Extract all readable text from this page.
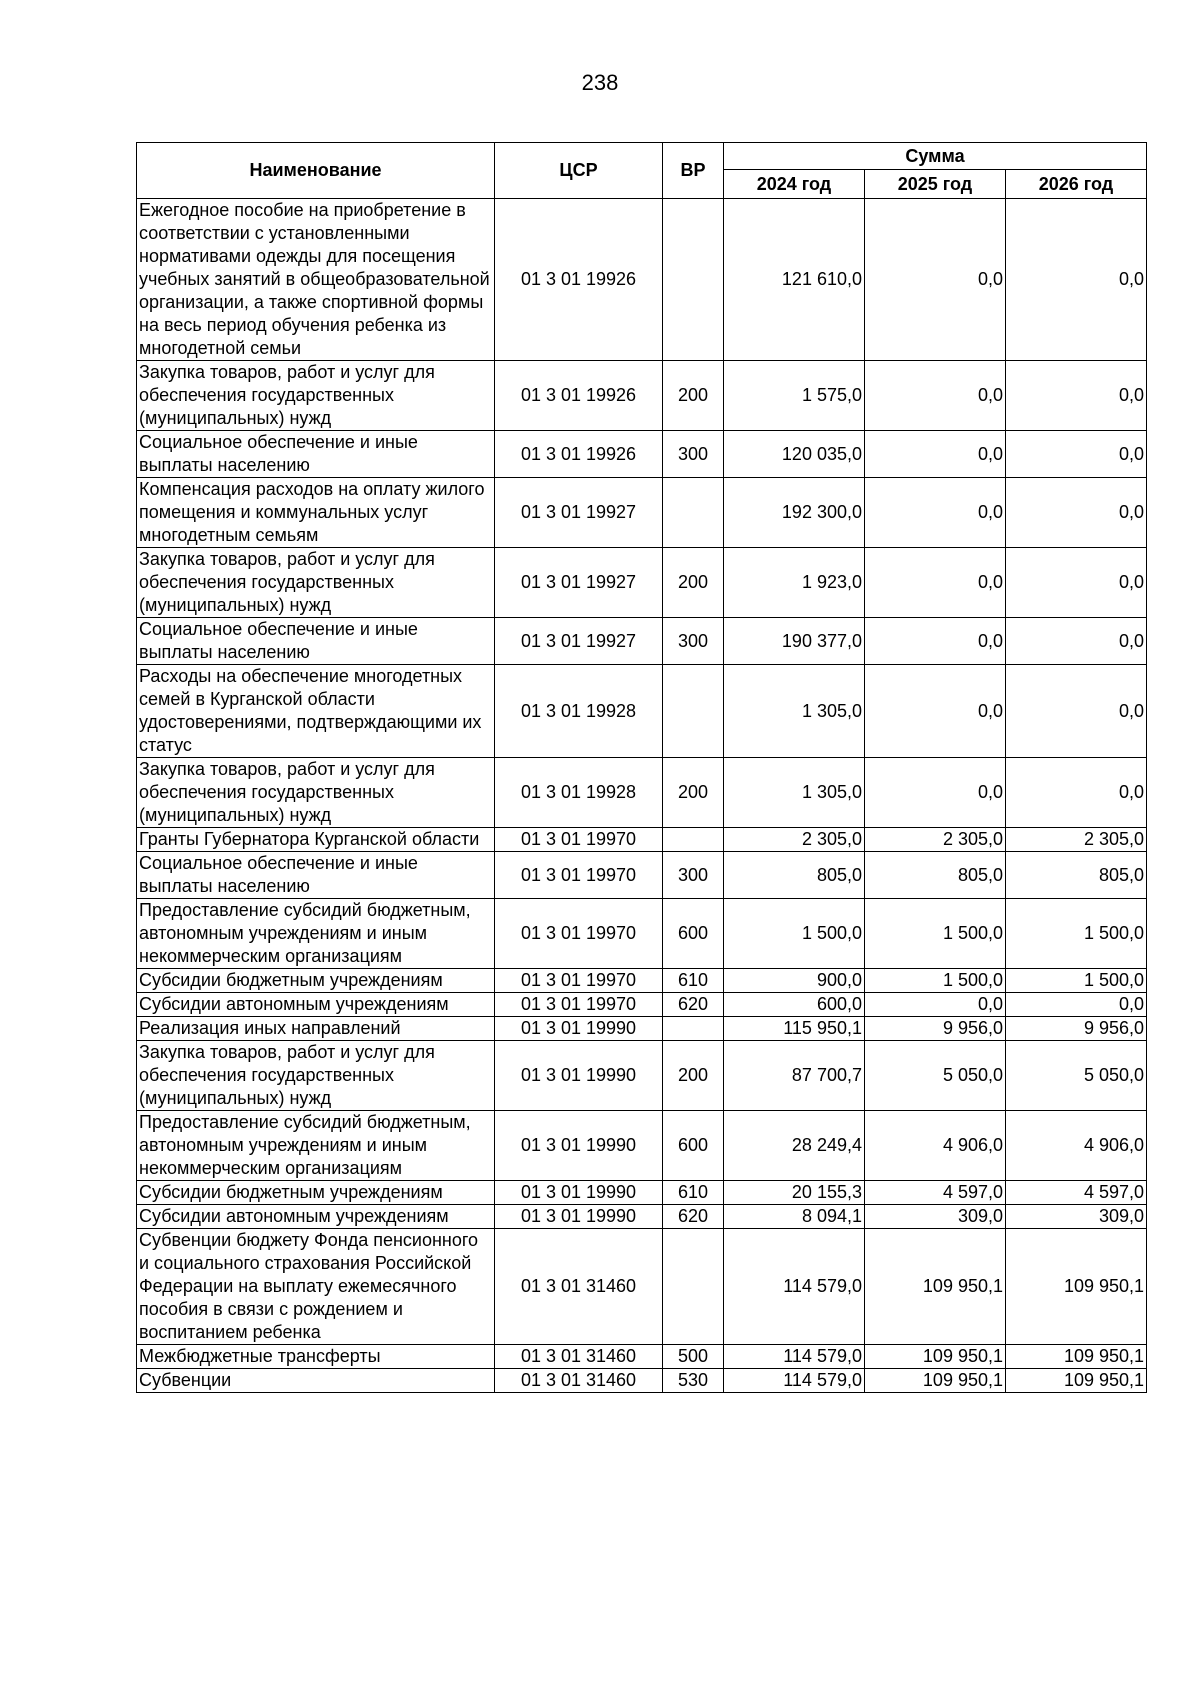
238
Наименование	ЦСР	ВР	Сумма		
			2024 год	2025 год	2026 год
Ежегодное пособие на приобретение в соответствии с установленными нормативами одежды для посещения учебных занятий в общеобразовательной организации, а также спортивной формы на весь период обучения ребенка из многодетной семьи	01 3 01 19926		121 610,0	0,0	0,0
Закупка товаров, работ и услуг для обеспечения государственных (муниципальных) нужд	01 3 01 19926	200	1 575,0	0,0	0,0
Социальное обеспечение и иные выплаты населению	01 3 01 19926	300	120 035,0	0,0	0,0
Компенсация расходов на оплату жилого помещения и коммунальных услуг многодетным семьям	01 3 01 19927		192 300,0	0,0	0,0
Закупка товаров, работ и услуг для обеспечения государственных (муниципальных) нужд	01 3 01 19927	200	1 923,0	0,0	0,0
Социальное обеспечение и иные выплаты населению	01 3 01 19927	300	190 377,0	0,0	0,0
Расходы на обеспечение многодетных семей в Курганской области удостоверениями, подтверждающими их статус	01 3 01 19928		1 305,0	0,0	0,0
Закупка товаров, работ и услуг для обеспечения государственных (муниципальных) нужд	01 3 01 19928	200	1 305,0	0,0	0,0
Гранты Губернатора Курганской области	01 3 01 19970		2 305,0	2 305,0	2 305,0
Социальное обеспечение и иные выплаты населению	01 3 01 19970	300	805,0	805,0	805,0
Предоставление субсидий бюджетным, автономным учреждениям и иным некоммерческим организациям	01 3 01 19970	600	1 500,0	1 500,0	1 500,0
Субсидии бюджетным учреждениям	01 3 01 19970	610	900,0	1 500,0	1 500,0
Субсидии автономным учреждениям	01 3 01 19970	620	600,0	0,0	0,0
Реализация иных направлений	01 3 01 19990		115 950,1	9 956,0	9 956,0
Закупка товаров, работ и услуг для обеспечения государственных (муниципальных) нужд	01 3 01 19990	200	87 700,7	5 050,0	5 050,0
Предоставление субсидий бюджетным, автономным учреждениям и иным некоммерческим организациям	01 3 01 19990	600	28 249,4	4 906,0	4 906,0
Субсидии бюджетным учреждениям	01 3 01 19990	610	20 155,3	4 597,0	4 597,0
Субсидии автономным учреждениям	01 3 01 19990	620	8 094,1	309,0	309,0
Субвенции бюджету Фонда пенсионного и социального страхования Российской Федерации на выплату ежемесячного пособия в связи с рождением и воспитанием ребенка	01 3 01 31460		114 579,0	109 950,1	109 950,1
Межбюджетные трансферты	01 3 01 31460	500	114 579,0	109 950,1	109 950,1
Субвенции	01 3 01 31460	530	114 579,0	109 950,1	109 950,1
